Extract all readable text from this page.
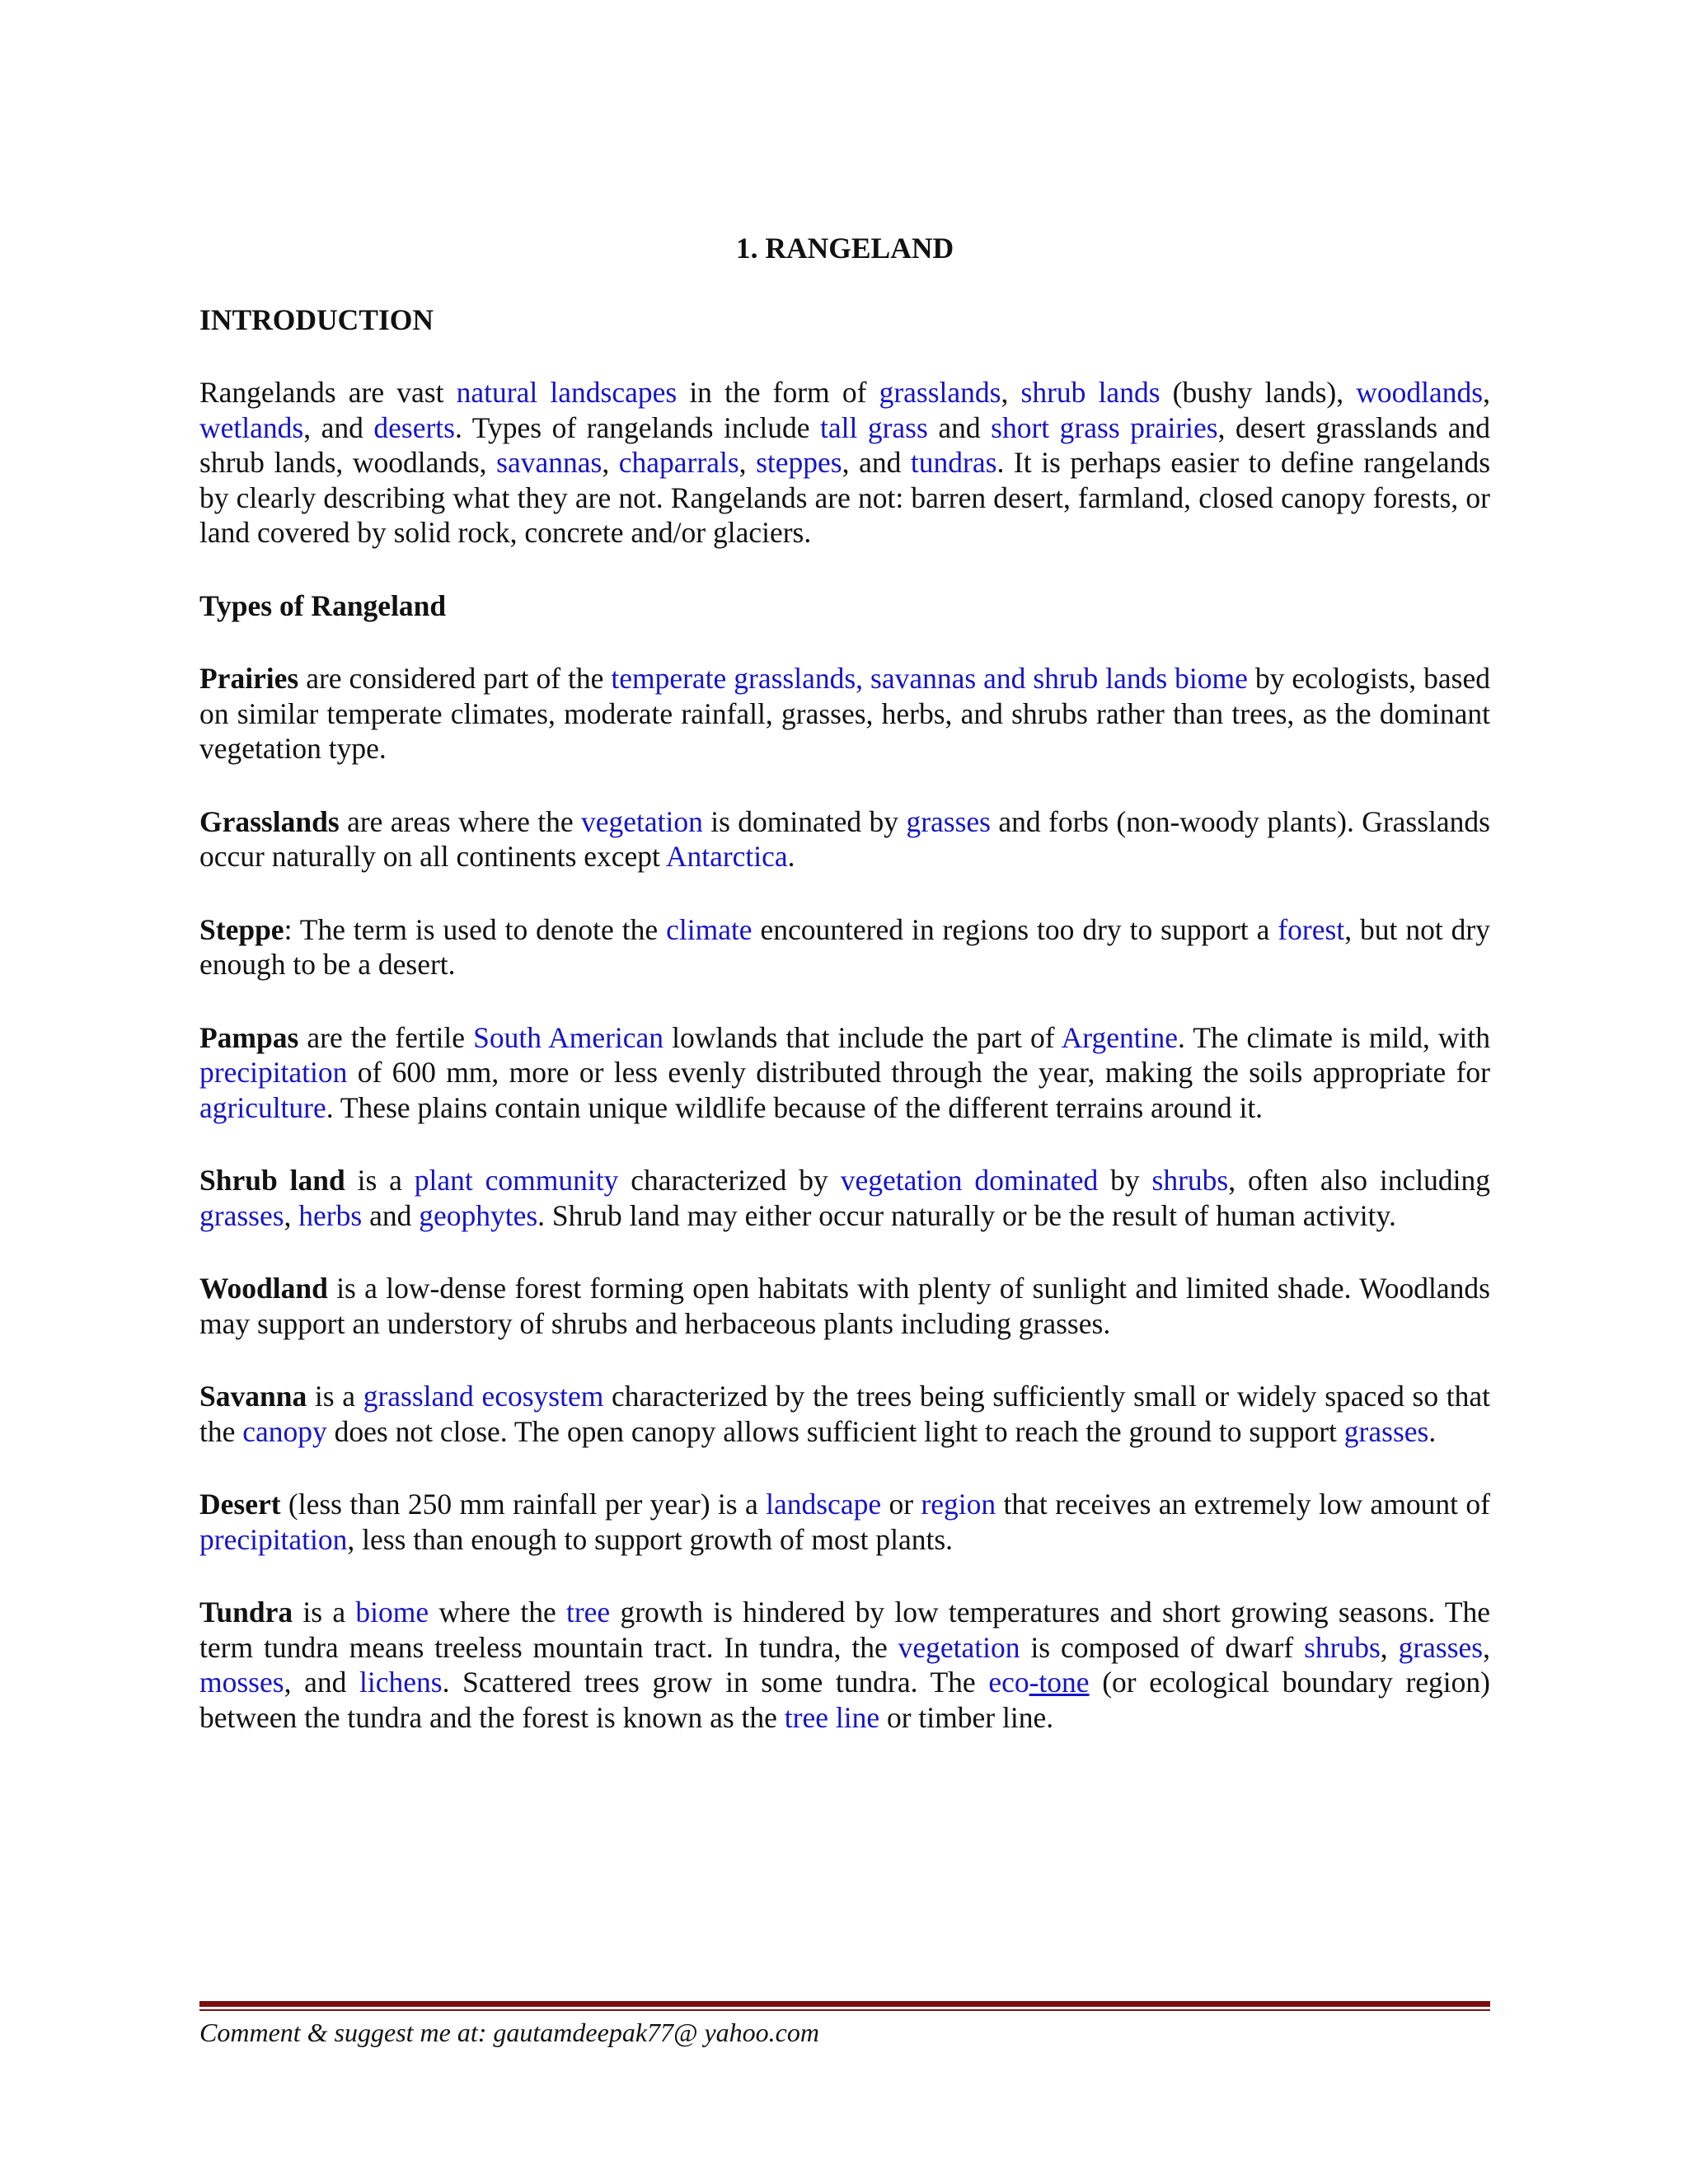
1. RANGELAND
INTRODUCTION

Rangelands are vast natural landscapes in the form of grasslands, shrub lands (bushy lands), woodlands, wetlands, and deserts. Types of rangelands include tall grass and short grass prairies, desert grasslands and shrub lands, woodlands, savannas, chaparrals, steppes, and tundras. It is perhaps easier to define rangelands by clearly describing what they are not. Rangelands are not: barren desert, farmland, closed canopy forests, or land covered by solid rock, concrete and/or glaciers.

Types of Rangeland

Prairies are considered part of the temperate grasslands, savannas and shrub lands biome by ecologists, based on similar temperate climates, moderate rainfall, grasses, herbs, and shrubs rather than trees, as the dominant vegetation type.

Grasslands are areas where the vegetation is dominated by grasses and forbs (non-woody plants). Grasslands occur naturally on all continents except Antarctica.

Steppe: The term is used to denote the climate encountered in regions too dry to support a forest, but not dry enough to be a desert.

Pampas are the fertile South American lowlands that include the part of Argentine. The climate is mild, with precipitation of 600 mm, more or less evenly distributed through the year, making the soils appropriate for agriculture. These plains contain unique wildlife because of the different terrains around it.

Shrub land is a plant community characterized by vegetation dominated by shrubs, often also including grasses, herbs and geophytes. Shrub land may either occur naturally or be the result of human activity.

Woodland is a low-dense forest forming open habitats with plenty of sunlight and limited shade. Woodlands may support an understory of shrubs and herbaceous plants including grasses.

Savanna is a grassland ecosystem characterized by the trees being sufficiently small or widely spaced so that the canopy does not close. The open canopy allows sufficient light to reach the ground to support grasses.

Desert (less than 250 mm rainfall per year) is a landscape or region that receives an extremely low amount of precipitation, less than enough to support growth of most plants.

Tundra is a biome where the tree growth is hindered by low temperatures and short growing seasons. The term tundra means treeless mountain tract. In tundra, the vegetation is composed of dwarf shrubs, grasses, mosses, and lichens. Scattered trees grow in some tundra. The eco-tone (or ecological boundary region) between the tundra and the forest is known as the tree line or timber line.

Comment & suggest me at: gautamdeepak77@ yahoo.com
